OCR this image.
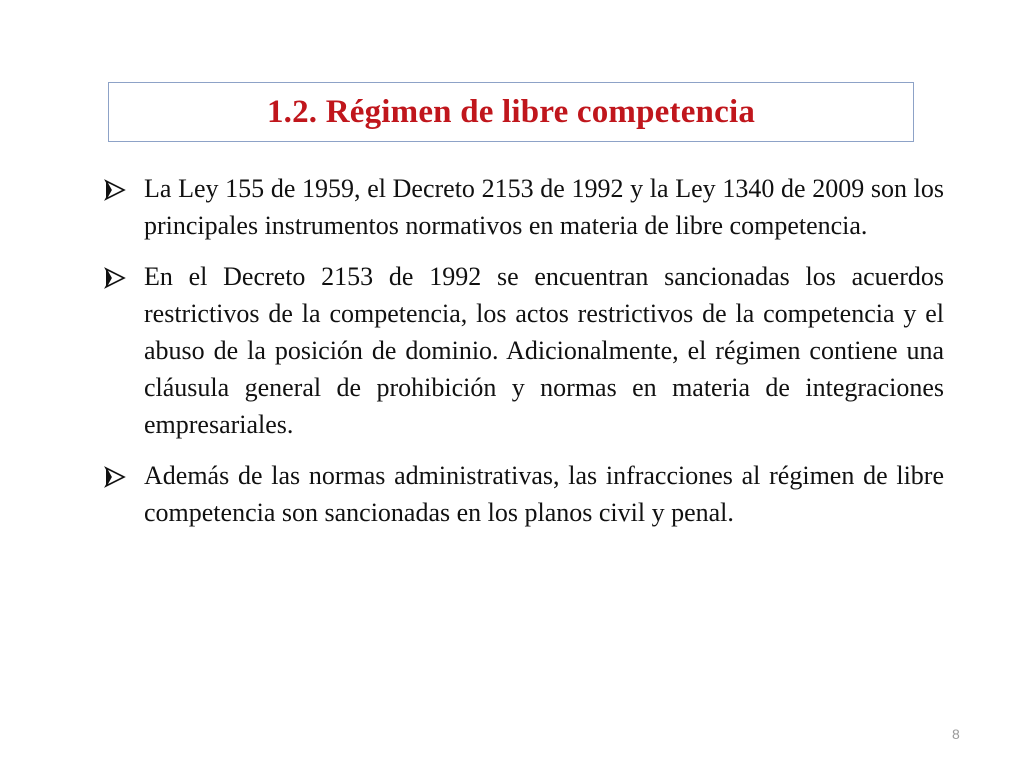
1.2. Régimen de libre competencia

La Ley 155 de 1959, el Decreto 2153 de 1992 y la Ley 1340 de 2009 son los principales instrumentos normativos en materia de libre competencia.

En el Decreto 2153 de 1992 se encuentran sancionadas los acuerdos restrictivos de la competencia, los actos restrictivos de la competencia y el abuso de la posición de dominio. Adicionalmente, el régimen contiene una cláusula general de prohibición y normas en materia de integraciones empresariales.

Además de las normas administrativas, las infracciones al régimen de libre competencia son sancionadas en los planos civil y penal.

8
